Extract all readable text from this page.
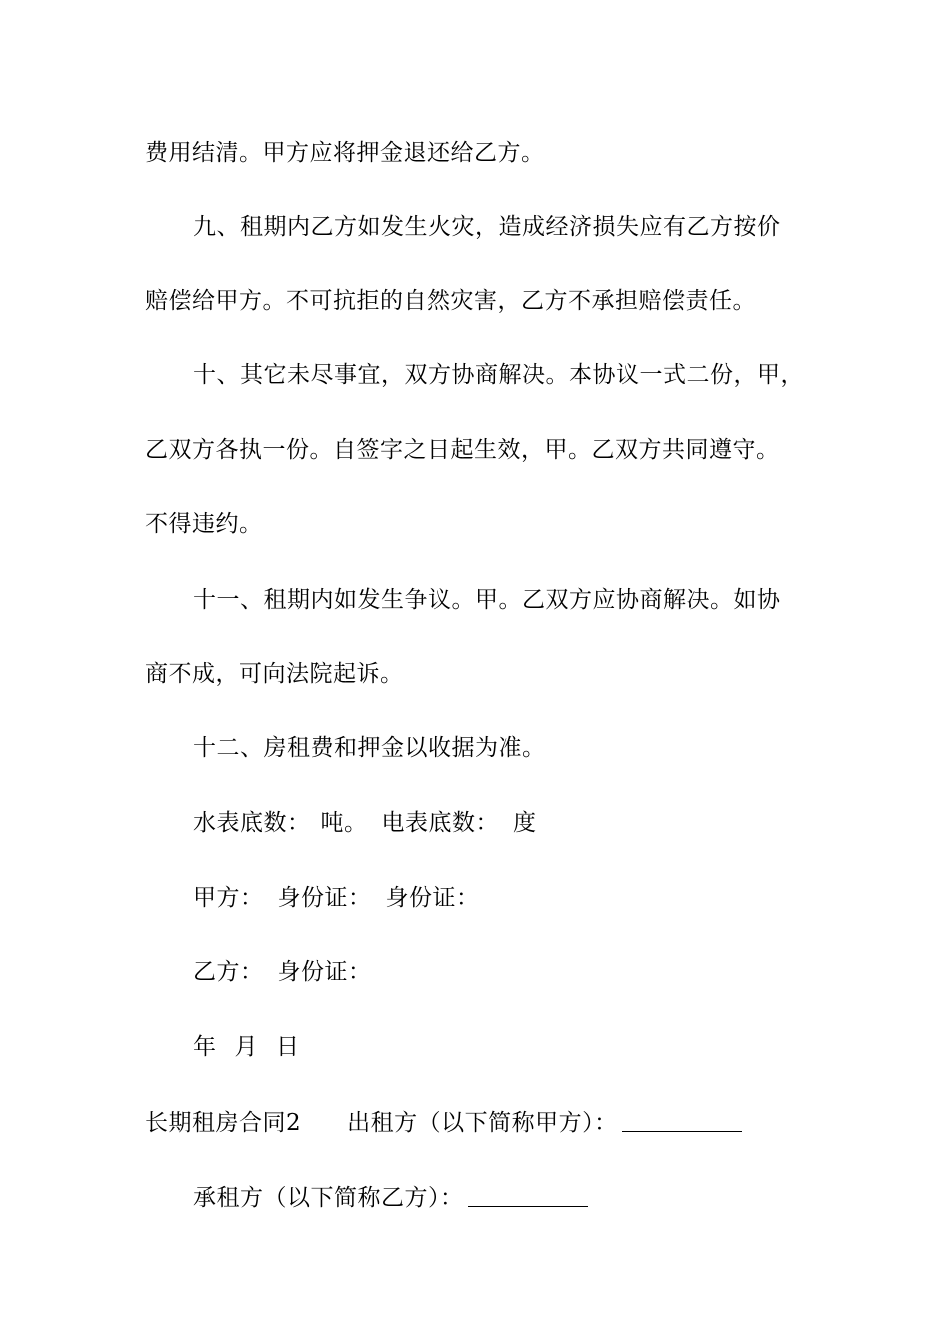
费用结清。甲方应将押金退还给乙方。
九、租期内乙方如发生火灾，造成经济损失应有乙方按价
赔偿给甲方。不可抗拒的自然灾害，乙方不承担赔偿责任。
十、其它未尽事宜，双方协商解决。本协议一式二份，甲，
乙双方各执一份。自签字之日起生效，甲。乙双方共同遵守。
不得违约。
十一、租期内如发生争议。甲。乙双方应协商解决。如协
商不成，可向法院起诉。
十二、房租费和押金以收据为准。
水表底数： 吨。 电表底数： 度
甲方： 身份证： 身份证：
乙方： 身份证：
年 月 日
长期租房合同2 出租方（以下简称甲方）：
承租方（以下简称乙方）：
